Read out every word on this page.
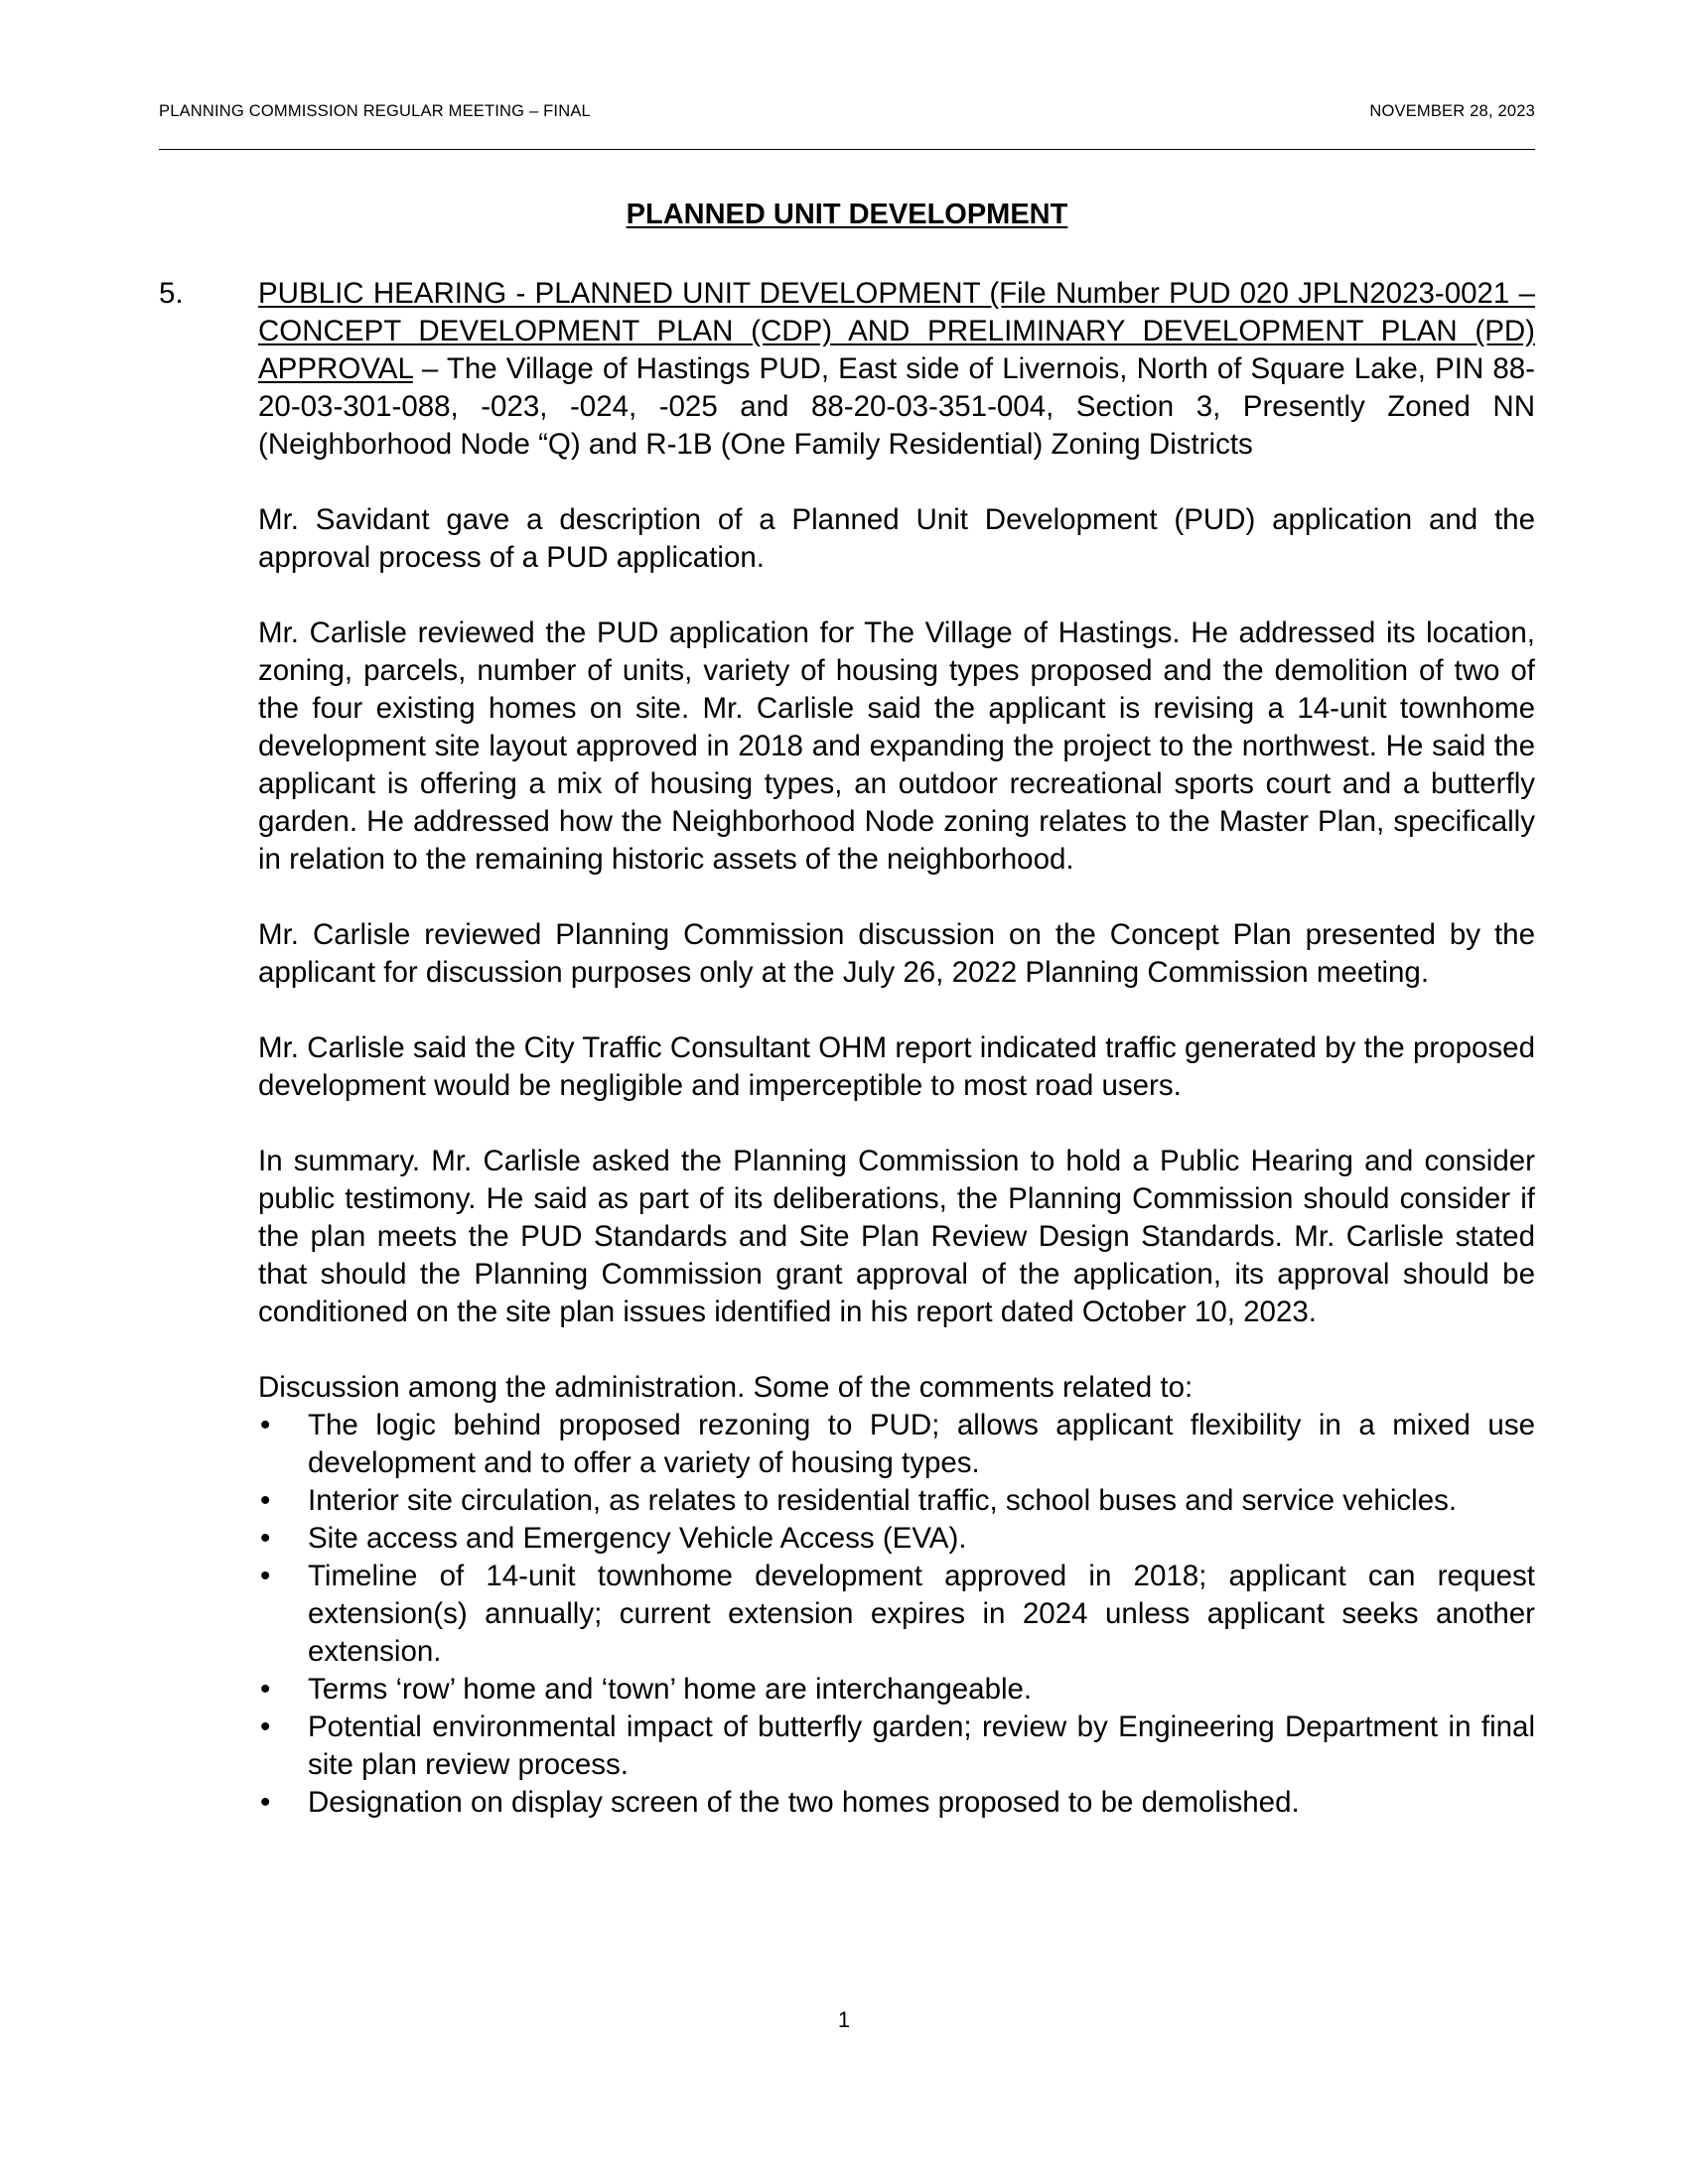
PLANNING COMMISSION REGULAR MEETING – FINAL	NOVEMBER 28, 2023
PLANNED UNIT DEVELOPMENT
5.	PUBLIC HEARING - PLANNED UNIT DEVELOPMENT (File Number PUD 020 JPLN2023-0021 – CONCEPT DEVELOPMENT PLAN (CDP) AND PRELIMINARY DEVELOPMENT PLAN (PD) APPROVAL – The Village of Hastings PUD, East side of Livernois, North of Square Lake, PIN 88-20-03-301-088, -023, -024, -025 and 88-20-03-351-004, Section 3, Presently Zoned NN (Neighborhood Node “Q) and R-1B (One Family Residential) Zoning Districts

Mr. Savidant gave a description of a Planned Unit Development (PUD) application and the approval process of a PUD application.

Mr. Carlisle reviewed the PUD application for The Village of Hastings. He addressed its location, zoning, parcels, number of units, variety of housing types proposed and the demolition of two of the four existing homes on site. Mr. Carlisle said the applicant is revising a 14-unit townhome development site layout approved in 2018 and expanding the project to the northwest. He said the applicant is offering a mix of housing types, an outdoor recreational sports court and a butterfly garden. He addressed how the Neighborhood Node zoning relates to the Master Plan, specifically in relation to the remaining historic assets of the neighborhood.

Mr. Carlisle reviewed Planning Commission discussion on the Concept Plan presented by the applicant for discussion purposes only at the July 26, 2022 Planning Commission meeting.

Mr. Carlisle said the City Traffic Consultant OHM report indicated traffic generated by the proposed development would be negligible and imperceptible to most road users.

In summary. Mr. Carlisle asked the Planning Commission to hold a Public Hearing and consider public testimony. He said as part of its deliberations, the Planning Commission should consider if the plan meets the PUD Standards and Site Plan Review Design Standards. Mr. Carlisle stated that should the Planning Commission grant approval of the application, its approval should be conditioned on the site plan issues identified in his report dated October 10, 2023.

Discussion among the administration. Some of the comments related to:
• The logic behind proposed rezoning to PUD; allows applicant flexibility in a mixed use development and to offer a variety of housing types.
• Interior site circulation, as relates to residential traffic, school buses and service vehicles.
• Site access and Emergency Vehicle Access (EVA).
• Timeline of 14-unit townhome development approved in 2018; applicant can request extension(s) annually; current extension expires in 2024 unless applicant seeks another extension.
• Terms ‘row’ home and ‘town’ home are interchangeable.
• Potential environmental impact of butterfly garden; review by Engineering Department in final site plan review process.
• Designation on display screen of the two homes proposed to be demolished.
1
